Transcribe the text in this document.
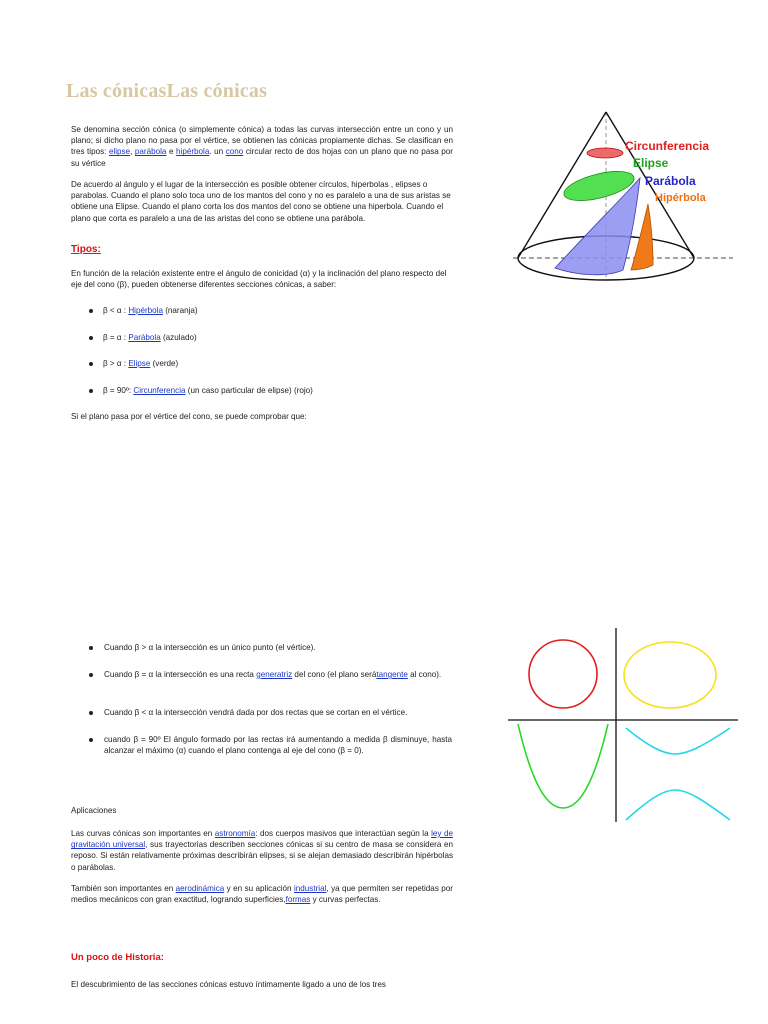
Las cónicasLas cónicas
Se denomina sección cónica (o simplemente cónica) a todas las curvas intersección entre un cono y un plano; si dicho plano no pasa por el vértice, se obtienen las cónicas propiamente dichas. Se clasifican en tres tipos: elipse, parábola e hipérbola. un cono circular recto de dos hojas con un plano que no pasa por su vértice
De acuerdo al ángulo y el lugar de la intersección es posible obtener círculos, hiperbolas , elipses o parabolas. Cuando el plano solo toca uno de los mantos del cono y no es paralelo a una de sus aristas se obtiene una Elipse. Cuando el plano corta los dos mantos del cono se obtiene una hiperbola. Cuando el plano que corta es paralelo a una de las aristas del cono se obtiene una parábola.
Tipos:
En función de la relación existente entre el ángulo de conicidad (α) y la inclinación del plano respecto del eje del cono (β), pueden obtenerse diferentes secciones cónicas, a saber:
β < α : Hipérbola (naranja)
β = α : Parábola (azulado)
β > α : Elipse (verde)
β = 90º: Circunferencia (un caso particular de elipse) (rojo)
Si el plano pasa por el vértice del cono, se puede comprobar que:
Circunferencia
Elipse
Parábola
Hipérbola
Cuando β > α la intersección es un único punto (el vértice).
Cuando β = α la intersección es una recta generatriz del cono (el plano serátangente al cono).
Cuando β < α la intersección vendrá dada por dos rectas que se cortan en el vértice.
cuando β = 90º El ángulo formado por las rectas irá aumentando a medida β disminuye, hasta alcanzar el máximo (α) cuando el plano contenga al eje del cono (β = 0).
Aplicaciones
Las curvas cónicas son importantes en astronomía: dos cuerpos masivos que interactúan según la ley de gravitación universal, sus trayectorias describen secciones cónicas si su centro de masa se considera en reposo. Si están relativamente próximas describirán elipses, si se alejan demasiado describirán hipérbolas o parábolas.
También son importantes en aerodinámica y en su aplicación industrial, ya que permiten ser repetidas por medios mecánicos con gran exactitud, logrando superficies,formas y curvas perfectas.
Un poco de Historia:
El descubrimiento de las secciones cónicas estuvo íntimamente ligado a uno de los tres
